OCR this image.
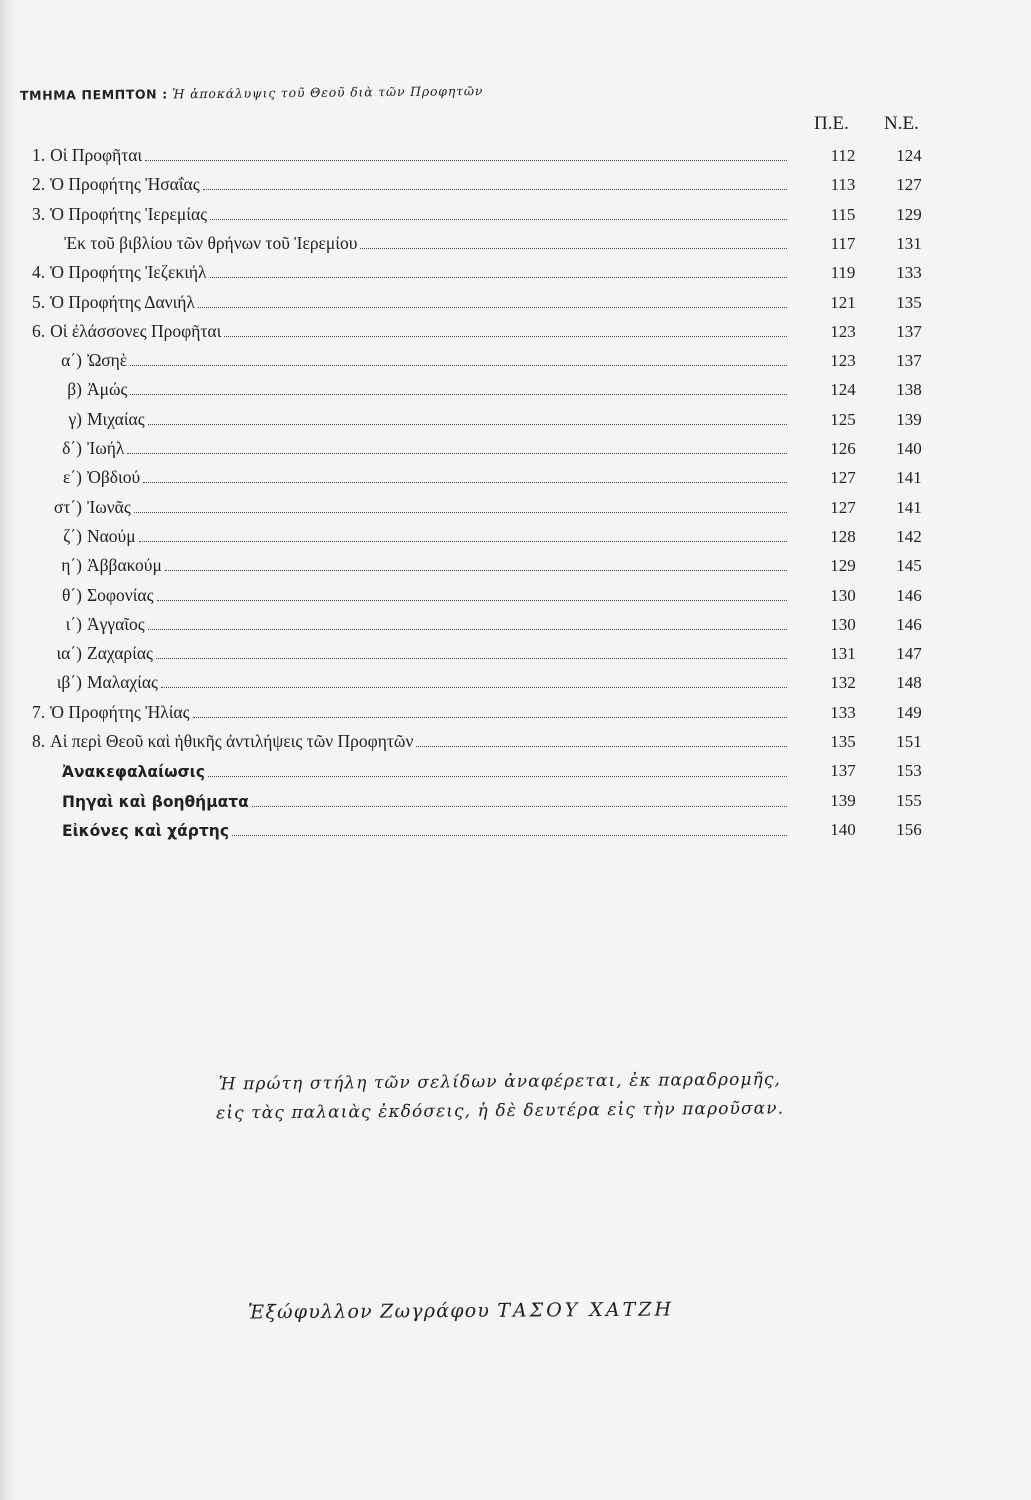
ΤΜΗΜΑ ΠΕΜΠΤΟΝ : Ἡ ἀποκάλυψις τοῦ Θεοῦ διὰ τῶν Προφητῶν
Π.Ε. Ν.Ε.
1. Οἱ Προφῆται	112	124
2. Ὁ Προφήτης Ἠσαΐας	113	127
3. Ὁ Προφήτης Ἱερεμίας	115	129
Ἐκ τοῦ βιβλίου τῶν θρήνων τοῦ Ἱερεμίου	117	131
4. Ὁ Προφήτης Ἰεζεκιήλ	119	133
5. Ὁ Προφήτης Δανιήλ	121	135
6. Οἱ ἐλάσσονες Προφῆται	123	137
α΄) Ὠσηὲ	123	137
β) Ἀμώς	124	138
γ) Μιχαίας	125	139
δ΄) Ἰωήλ	126	140
ε΄) Ὀβδιού	127	141
στ΄) Ἰωνᾶς	127	141
ζ΄) Ναούμ	128	142
η΄) Ἀββακούμ	129	145
θ΄) Σοφονίας	130	146
ι΄) Ἀγγαῖος	130	146
ια΄) Ζαχαρίας	131	147
ιβ΄) Μαλαχίας	132	148
7. Ὁ Προφήτης Ἠλίας	133	149
8. Αἱ περὶ Θεοῦ καὶ ἠθικῆς ἀντιλήψεις τῶν Προφητῶν	135	151
Ἀνακεφαλαίωσις	137	153
Πηγαὶ καὶ βοηθήματα	139	155
Εἰκόνες καὶ χάρτης	140	156
Ἡ πρώτη στήλη τῶν σελίδων ἀναφέρεται, ἐκ παραδρομῆς,
εἰς τὰς παλαιὰς ἐκδόσεις, ἡ δὲ δευτέρα εἰς τὴν παροῦσαν.
Ἐξώφυλλον Ζωγράφου ΤΑΣΟΥ ΧΑΤΖΗ
